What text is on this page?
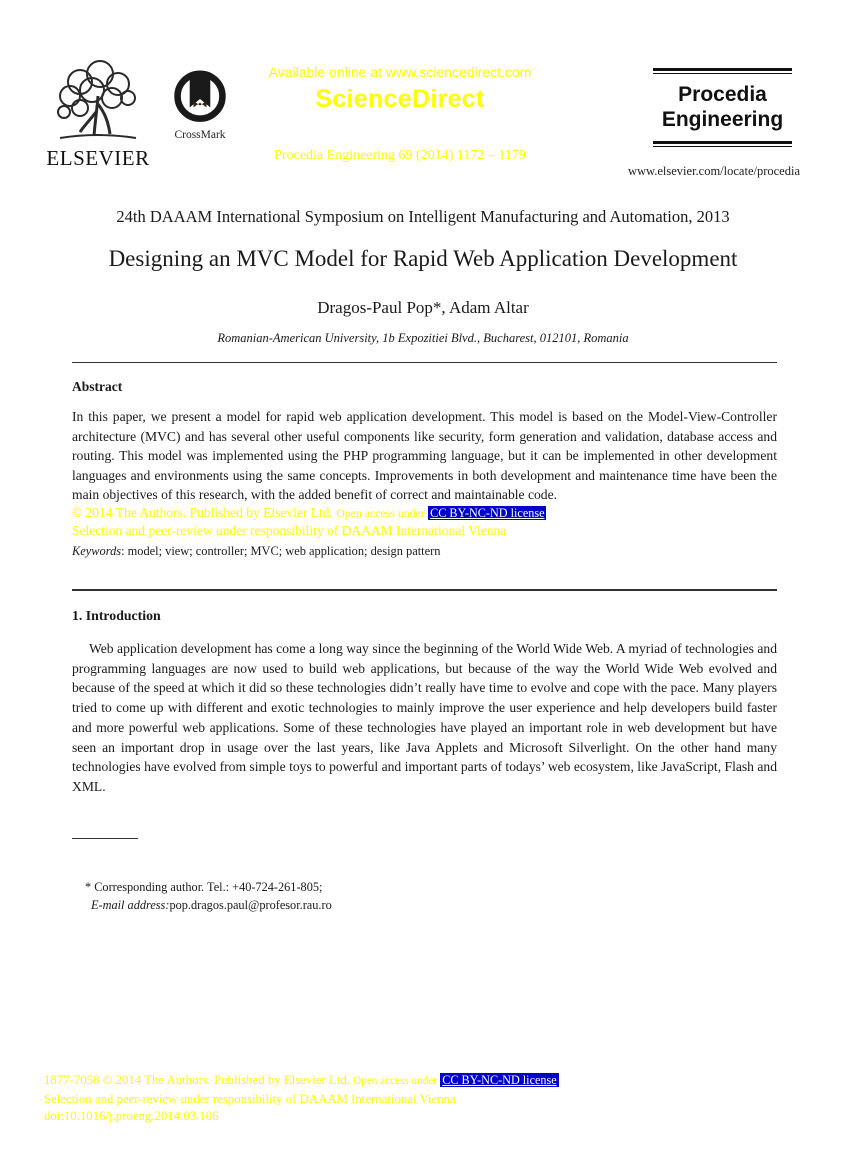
ELSEVIER
CrossMark
Available online at www.sciencedirect.com
ScienceDirect
Procedia Engineering 69 (2014) 1172 – 1179
Procedia
Engineering
www.elsevier.com/locate/procedia
24th DAAAM International Symposium on Intelligent Manufacturing and Automation, 2013
Designing an MVC Model for Rapid Web Application Development
Dragos-Paul Pop*, Adam Altar
Romanian-American University, 1b Expozitiei Blvd., Bucharest, 012101, Romania
Abstract
In this paper, we present a model for rapid web application development. This model is based on the Model-View-Controller architecture (MVC) and has several other useful components like security, form generation and validation, database access and routing. This model was implemented using the PHP programming language, but it can be implemented in other development languages and environments using the same concepts. Improvements in both development and maintenance time have been the main objectives of this research, with the added benefit of correct and maintainable code.
© 2014 The Authors. Published by Elsevier Ltd. Open access under CC BY-NC-ND license
Selection and peer-review under responsibility of DAAAM International Vienna
Keywords: model; view; controller; MVC; web application; design pattern
1. Introduction
Web application development has come a long way since the beginning of the World Wide Web. A myriad of technologies and programming languages are now used to build web applications, but because of the way the World Wide Web evolved and because of the speed at which it did so these technologies didn’t really have time to evolve and cope with the pace. Many players tried to come up with different and exotic technologies to mainly improve the user experience and help developers build faster and more powerful web applications. Some of these technologies have played an important role in web development but have seen an important drop in usage over the last years, like Java Applets and Microsoft Silverlight. On the other hand many technologies have evolved from simple toys to powerful and important parts of todays’ web ecosystem, like JavaScript, Flash and XML.
* Corresponding author. Tel.: +40-724-261-805;
E-mail address:pop.dragos.paul@profesor.rau.ro
1877-7058 © 2014 The Authors. Published by Elsevier Ltd. Open access under CC BY-NC-ND license
Selection and peer-review under responsibility of DAAAM International Vienna
doi:10.1016/j.proeng.2014.03.106
